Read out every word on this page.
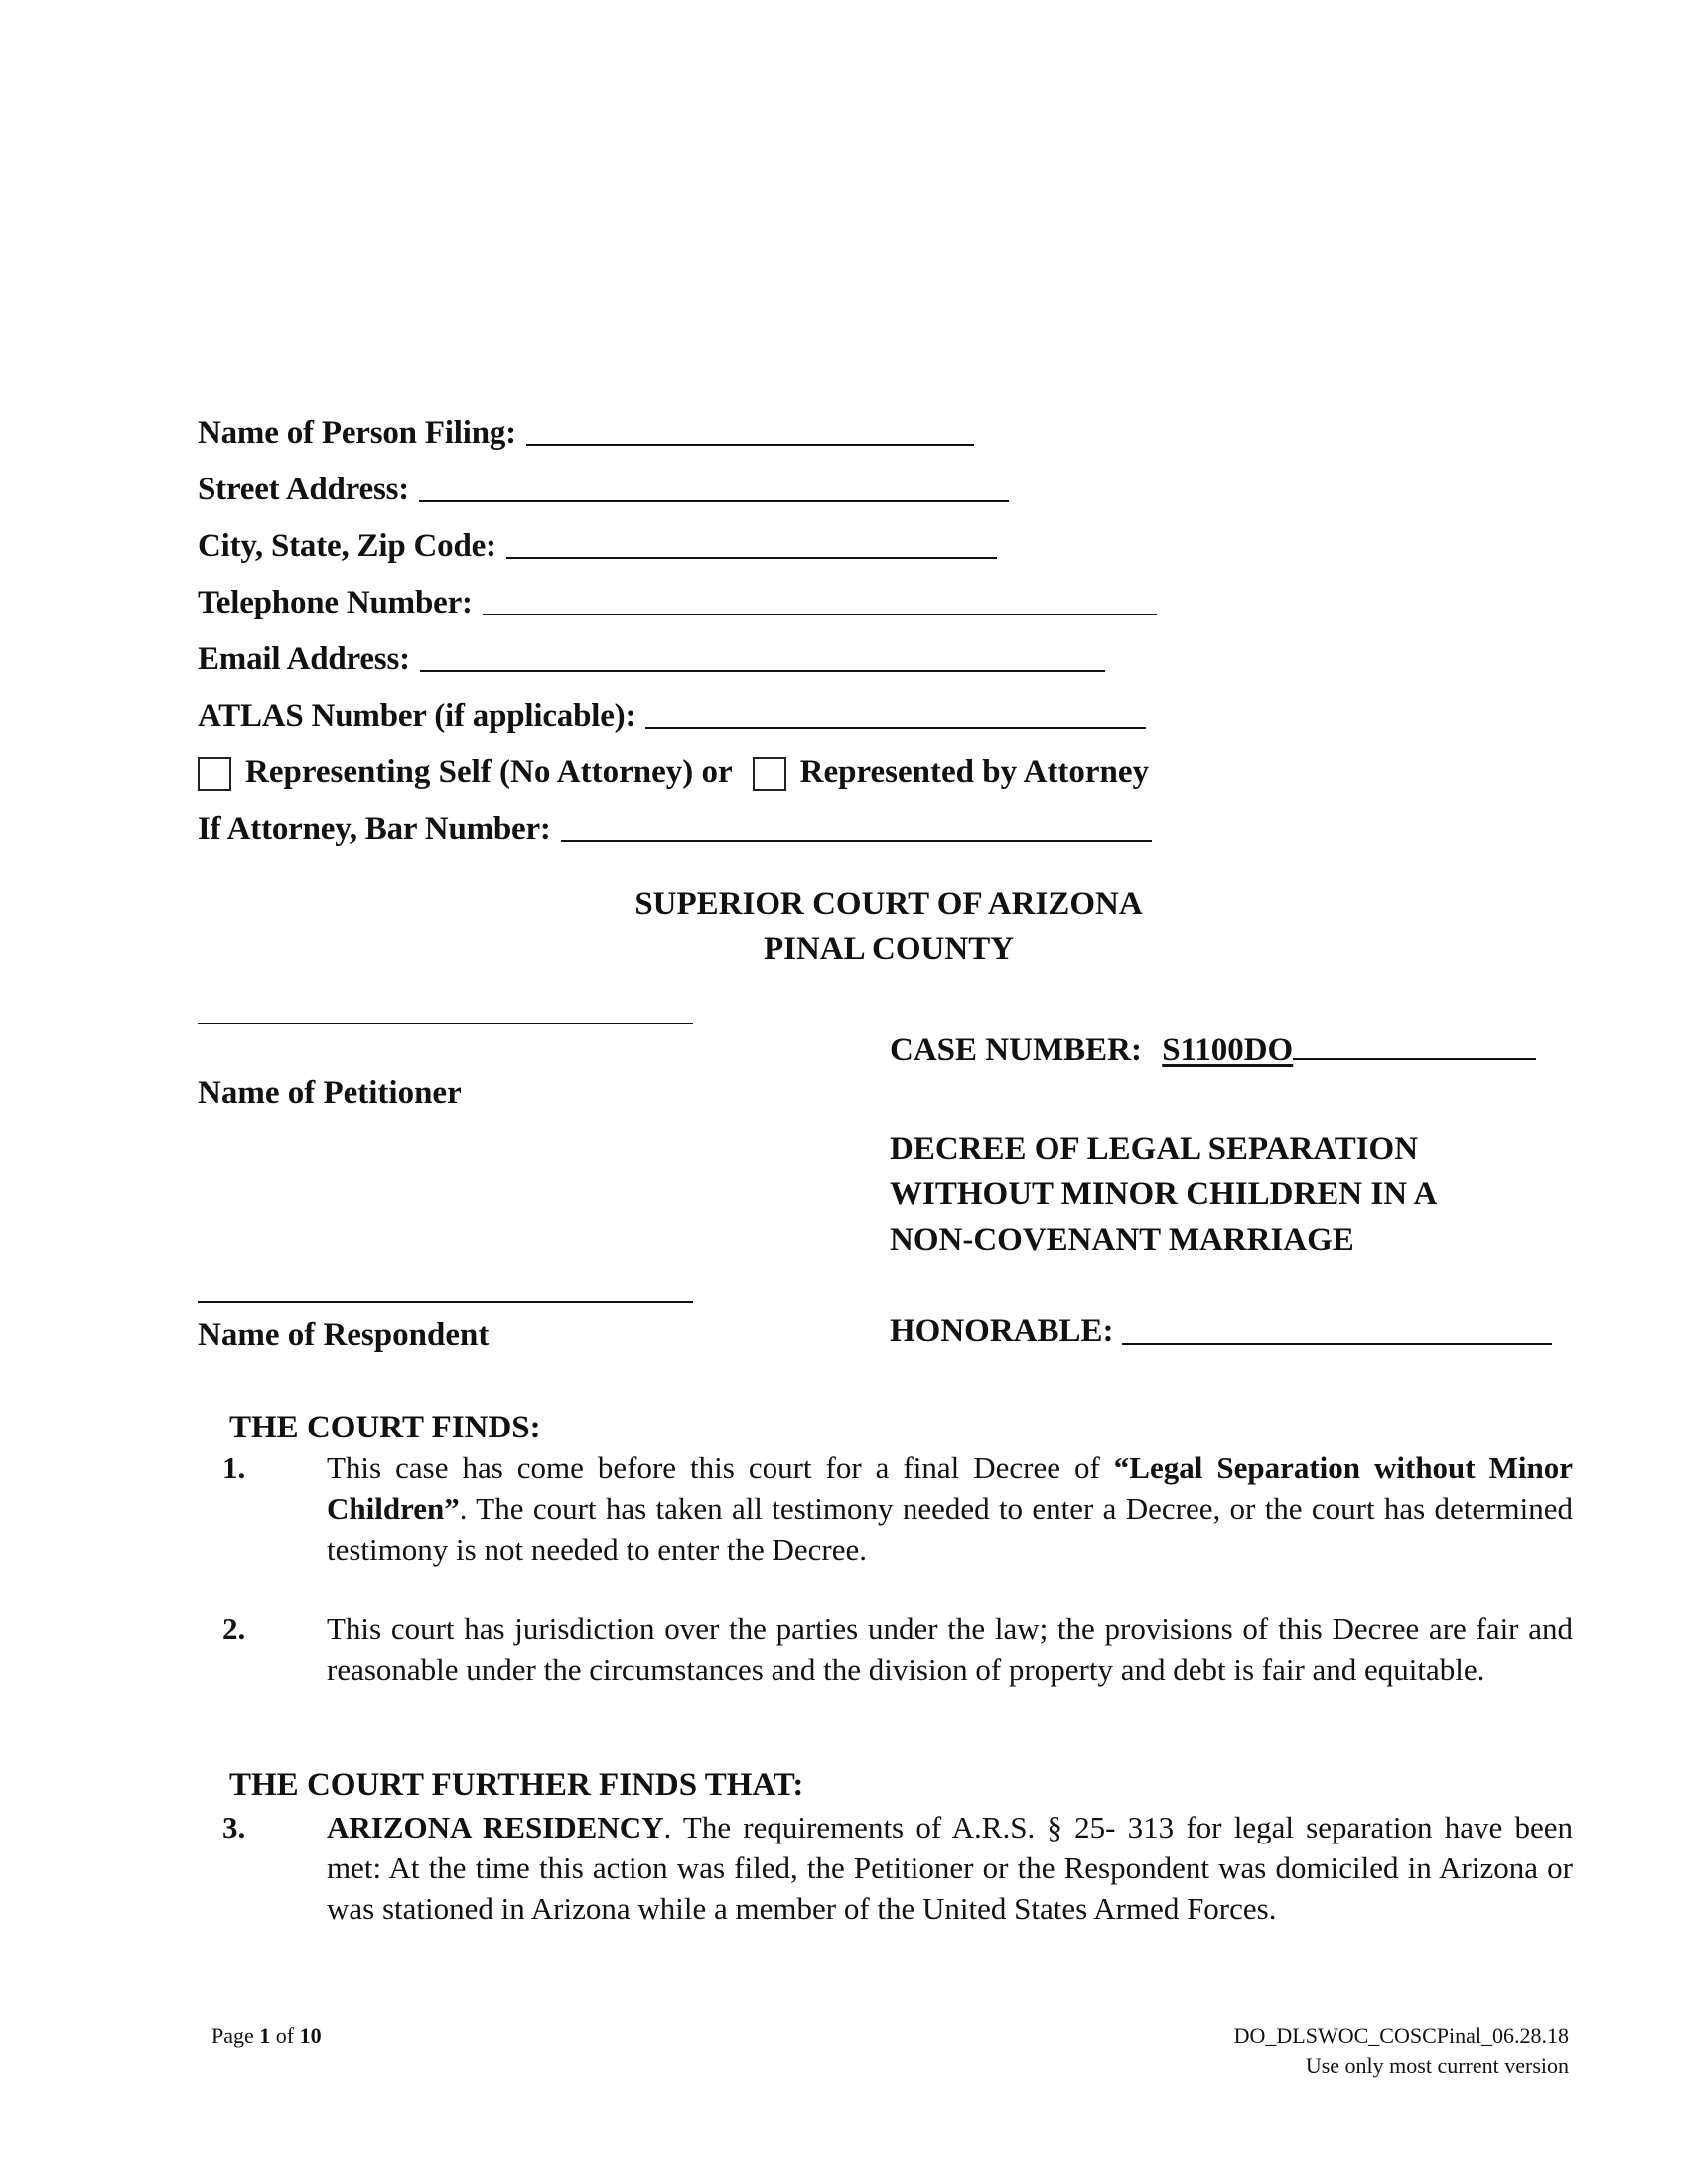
Name of Person Filing:
Street Address:
City, State, Zip Code:
Telephone Number:
Email Address:
ATLAS Number (if applicable):
Representing Self (No Attorney) or Represented by Attorney
If Attorney, Bar Number:
SUPERIOR COURT OF ARIZONA
PINAL COUNTY
Name of Petitioner
Name of Respondent
CASE NUMBER: S1100DO
DECREE OF LEGAL SEPARATION
WITHOUT MINOR CHILDREN IN A
NON-COVENANT MARRIAGE
HONORABLE:
THE COURT FINDS:
1.	This case has come before this court for a final Decree of “Legal Separation without Minor Children”. The court has taken all testimony needed to enter a Decree, or the court has determined testimony is not needed to enter the Decree.
2.	This court has jurisdiction over the parties under the law; the provisions of this Decree are fair and reasonable under the circumstances and the division of property and debt is fair and equitable.
THE COURT FURTHER FINDS THAT:
3.	ARIZONA RESIDENCY. The requirements of A.R.S. § 25- 313 for legal separation have been met: At the time this action was filed, the Petitioner or the Respondent was domiciled in Arizona or was stationed in Arizona while a member of the United States Armed Forces.
Page 1 of 10	DO_DLSWOC_COSCPinal_06.28.18
Use only most current version
